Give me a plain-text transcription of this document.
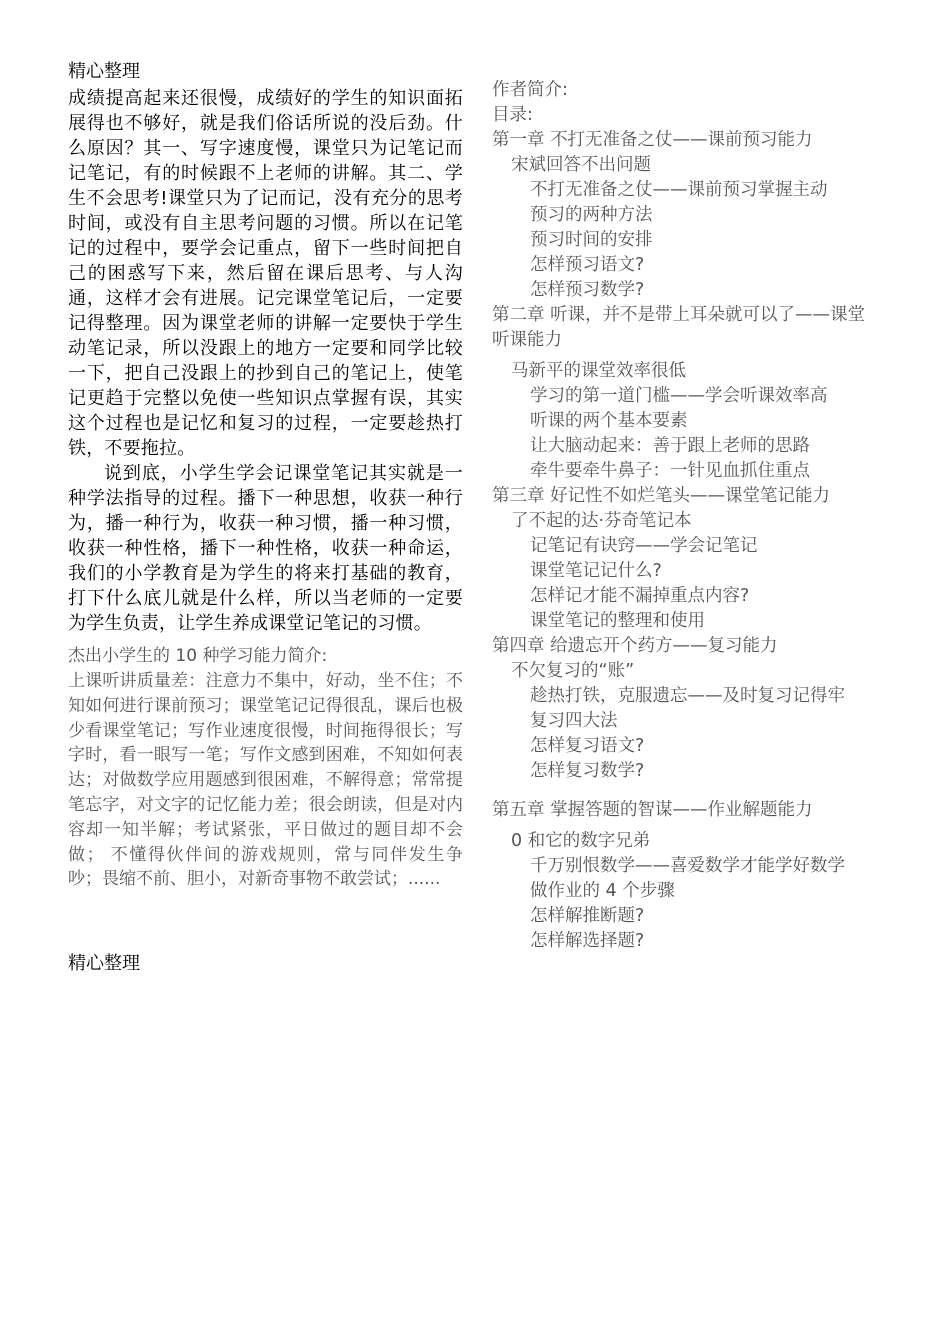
精心整理

成绩提高起来还很慢，成绩好的学生的知识面拓展得也不够好，就是我们俗话所说的没后劲。什么原因？其一、写字速度慢，课堂只为记笔记而记笔记，有的时候跟不上老师的讲解。其二、学生不会思考!课堂只为了记而记，没有充分的思考时间，或没有自主思考问题的习惯。所以在记笔记的过程中，要学会记重点，留下一些时间把自己的困惑写下来，然后留在课后思考、与人沟通，这样才会有进展。记完课堂笔记后，一定要记得整理。因为课堂老师的讲解一定要快于学生动笔记录，所以没跟上的地方一定要和同学比较一下，把自己没跟上的抄到自己的笔记上，使笔记更趋于完整以免使一些知识点掌握有误，其实这个过程也是记忆和复习的过程，一定要趁热打铁，不要拖拉。

说到底，小学生学会记课堂笔记其实就是一种学法指导的过程。播下一种思想，收获一种行为，播一种行为，收获一种习惯，播一种习惯，收获一种性格，播下一种性格，收获一种命运，我们的小学教育是为学生的将来打基础的教育，打下什么底儿就是什么样，所以当老师的一定要为学生负责，让学生养成课堂记笔记的习惯。

杰出小学生的 10 种学习能力简介:

上课听讲质量差：注意力不集中，好动，坐不住；不知如何进行课前预习；课堂笔记记得很乱，课后也极少看课堂笔记；写作业速度很慢，时间拖得很长；写字时，看一眼写一笔；写作文感到困难，不知如何表达；对做数学应用题感到很困难，不解得意；常常提笔忘字，对文字的记忆能力差；很会朗读，但是对内容却一知半解；考试紧张，平日做过的题目却不会做； 不懂得伙伴间的游戏规则，常与同伴发生争吵；畏缩不前、胆小，对新奇事物不敢尝试；......

精心整理
作者简介:
目录:
第一章 不打无准备之仗——课前预习能力
宋斌回答不出问题
不打无准备之仗——课前预习掌握主动
预习的两种方法
预习时间的安排
怎样预习语文?
怎样预习数学?
第二章 听课，并不是带上耳朵就可以了——课堂听课能力
马新平的课堂效率很低
学习的第一道门槛——学会听课效率高
听课的两个基本要素
让大脑动起来：善于跟上老师的思路
牵牛要牵牛鼻子：一针见血抓住重点
第三章 好记性不如烂笔头——课堂笔记能力
了不起的达·芬奇笔记本
记笔记有诀窍——学会记笔记
课堂笔记记什么?
怎样记才能不漏掉重点内容?
课堂笔记的整理和使用
第四章 给遗忘开个药方——复习能力
不欠复习的“账”
趁热打铁，克服遗忘——及时复习记得牢
复习四大法
怎样复习语文?
怎样复习数学?
第五章 掌握答题的智谋——作业解题能力
0 和它的数字兄弟
千万别恨数学——喜爱数学才能学好数学
做作业的 4 个步骤
怎样解推断题?
怎样解选择题?
